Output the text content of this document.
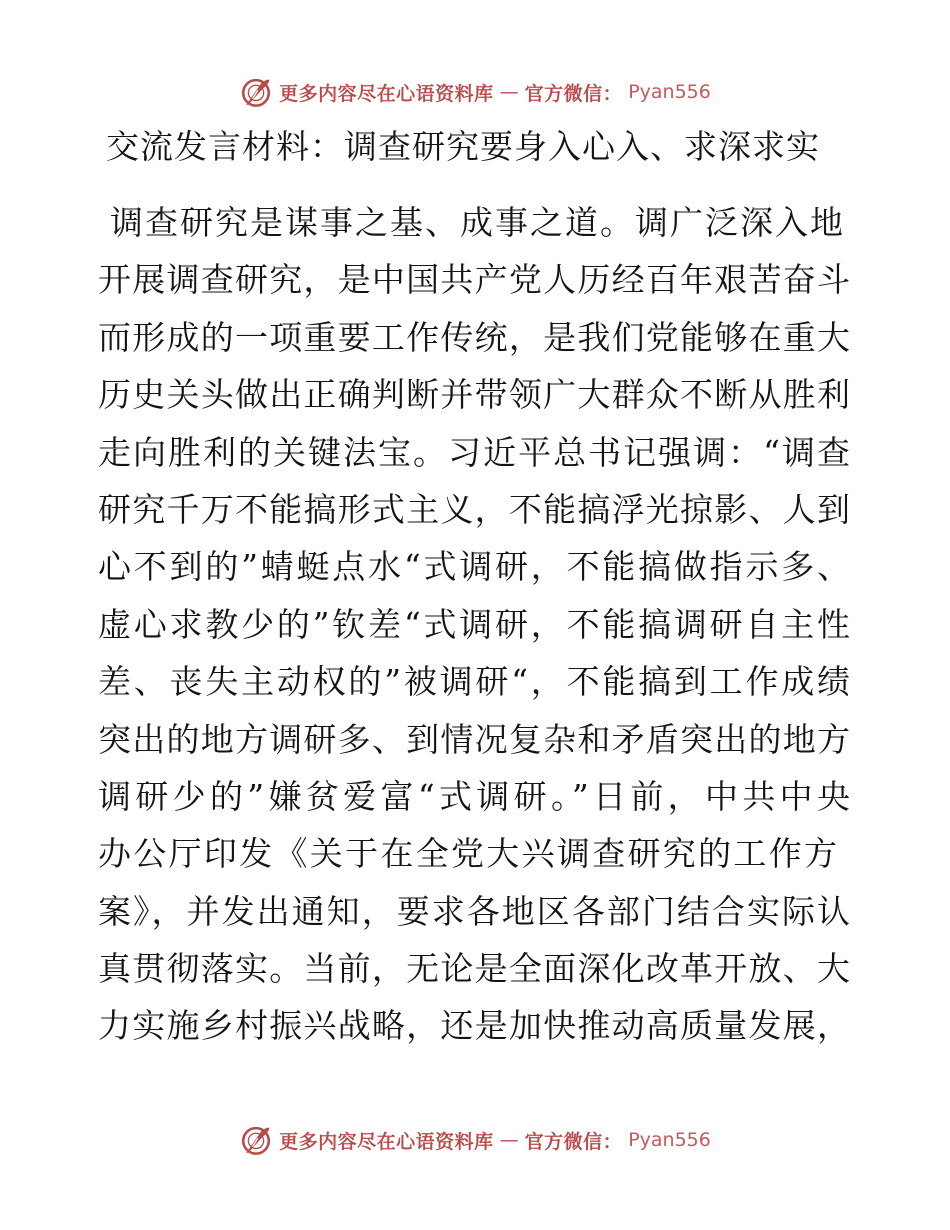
更多内容尽在心语资料库 — 官方微信： Pyan556
交流发言材料：调查研究要身入心入、求深求实
调查研究是谋事之基、成事之道。调广泛深入地
开展调查研究，是中国共产党人历经百年艰苦奋斗
而形成的一项重要工作传统，是我们党能够在重大
历史关头做出正确判断并带领广大群众不断从胜利
走向胜利的关键法宝。习近平总书记强调：“调查
研究千万不能搞形式主义，不能搞浮光掠影、人到
心不到的”蜻蜓点水“式调研，不能搞做指示多、
虚心求教少的”钦差“式调研，不能搞调研自主性
差、丧失主动权的”被调研“，不能搞到工作成绩
突出的地方调研多、到情况复杂和矛盾突出的地方
调研少的”嫌贫爱富“式调研。”日前，中共中央
办公厅印发《关于在全党大兴调查研究的工作方
案》，并发出通知，要求各地区各部门结合实际认
真贯彻落实。当前，无论是全面深化改革开放、大
力实施乡村振兴战略，还是加快推动高质量发展，
更多内容尽在心语资料库 — 官方微信： Pyan556
